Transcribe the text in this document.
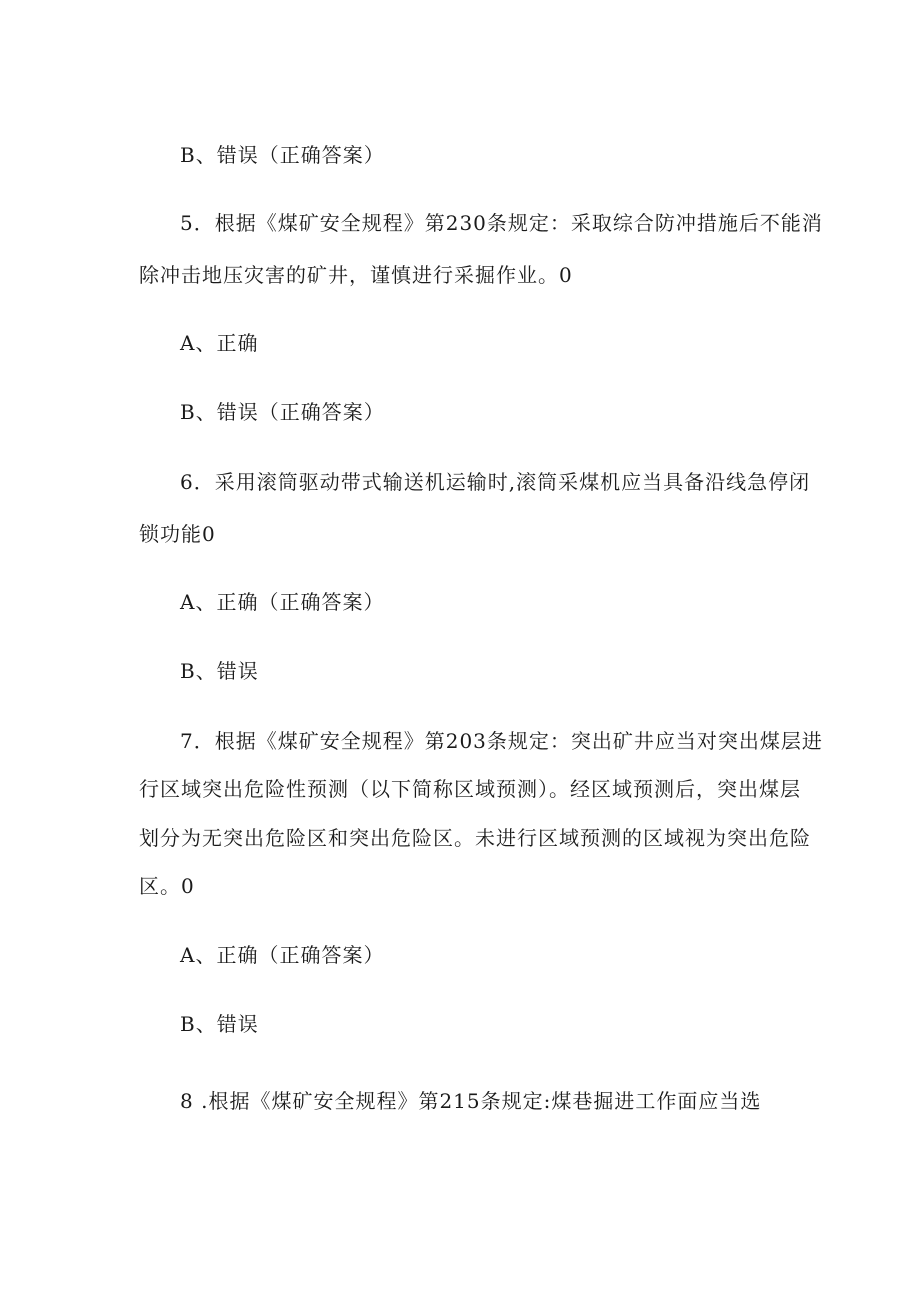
B、错误（正确答案）
5．根据《煤矿安全规程》第230条规定：采取综合防冲措施后不能消
除冲击地压灾害的矿井，谨慎进行采掘作业。0
A、正确
B、错误（正确答案）
6．采用滚筒驱动带式输送机运输时,滚筒采煤机应当具备沿线急停闭
锁功能0
A、正确（正确答案）
B、错误
7．根据《煤矿安全规程》第203条规定：突出矿井应当对突出煤层进
行区域突出危险性预测（以下简称区域预测）。经区域预测后，突出煤层
划分为无突出危险区和突出危险区。未进行区域预测的区域视为突出危险
区。0
A、正确（正确答案）
B、错误
8 .根据《煤矿安全规程》第215条规定:煤巷掘进工作面应当选
